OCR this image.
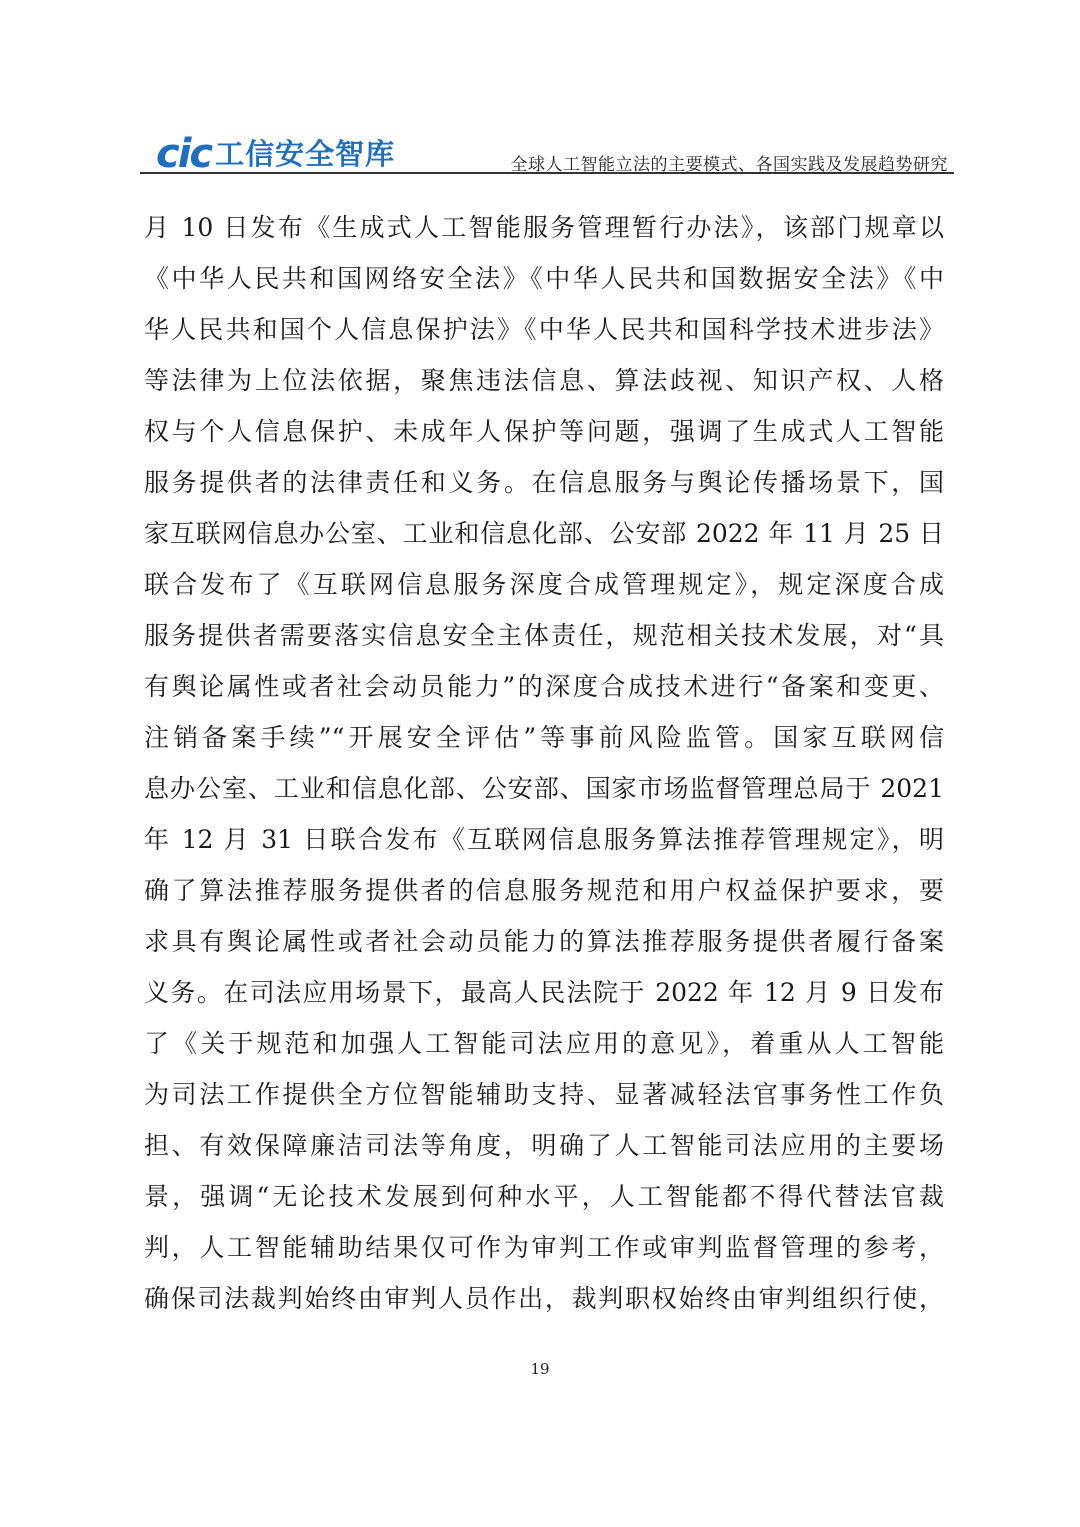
cic 工信安全智库	全球人工智能立法的主要模式、各国实践及发展趋势研究
月 10 日发布《生成式人工智能服务管理暂行办法》，该部门规章以
《中华人民共和国网络安全法》《中华人民共和国数据安全法》《中
华人民共和国个人信息保护法》《中华人民共和国科学技术进步法》
等法律为上位法依据，聚焦违法信息、算法歧视、知识产权、人格
权与个人信息保护、未成年人保护等问题，强调了生成式人工智能
服务提供者的法律责任和义务。在信息服务与舆论传播场景下，国
家互联网信息办公室、工业和信息化部、公安部 2022 年 11 月 25 日
联合发布了《互联网信息服务深度合成管理规定》，规定深度合成
服务提供者需要落实信息安全主体责任，规范相关技术发展，对“具
有舆论属性或者社会动员能力”的深度合成技术进行“备案和变更、
注销备案手续”“开展安全评估”等事前风险监管。国家互联网信
息办公室、工业和信息化部、公安部、国家市场监督管理总局于 2021
年 12 月 31 日联合发布《互联网信息服务算法推荐管理规定》，明
确了算法推荐服务提供者的信息服务规范和用户权益保护要求，要
求具有舆论属性或者社会动员能力的算法推荐服务提供者履行备案
义务。在司法应用场景下，最高人民法院于 2022 年 12 月 9 日发布
了《关于规范和加强人工智能司法应用的意见》，着重从人工智能
为司法工作提供全方位智能辅助支持、显著减轻法官事务性工作负
担、有效保障廉洁司法等角度，明确了人工智能司法应用的主要场
景，强调“无论技术发展到何种水平，人工智能都不得代替法官裁
判，人工智能辅助结果仅可作为审判工作或审判监督管理的参考，
确保司法裁判始终由审判人员作出，裁判职权始终由审判组织行使，
19
